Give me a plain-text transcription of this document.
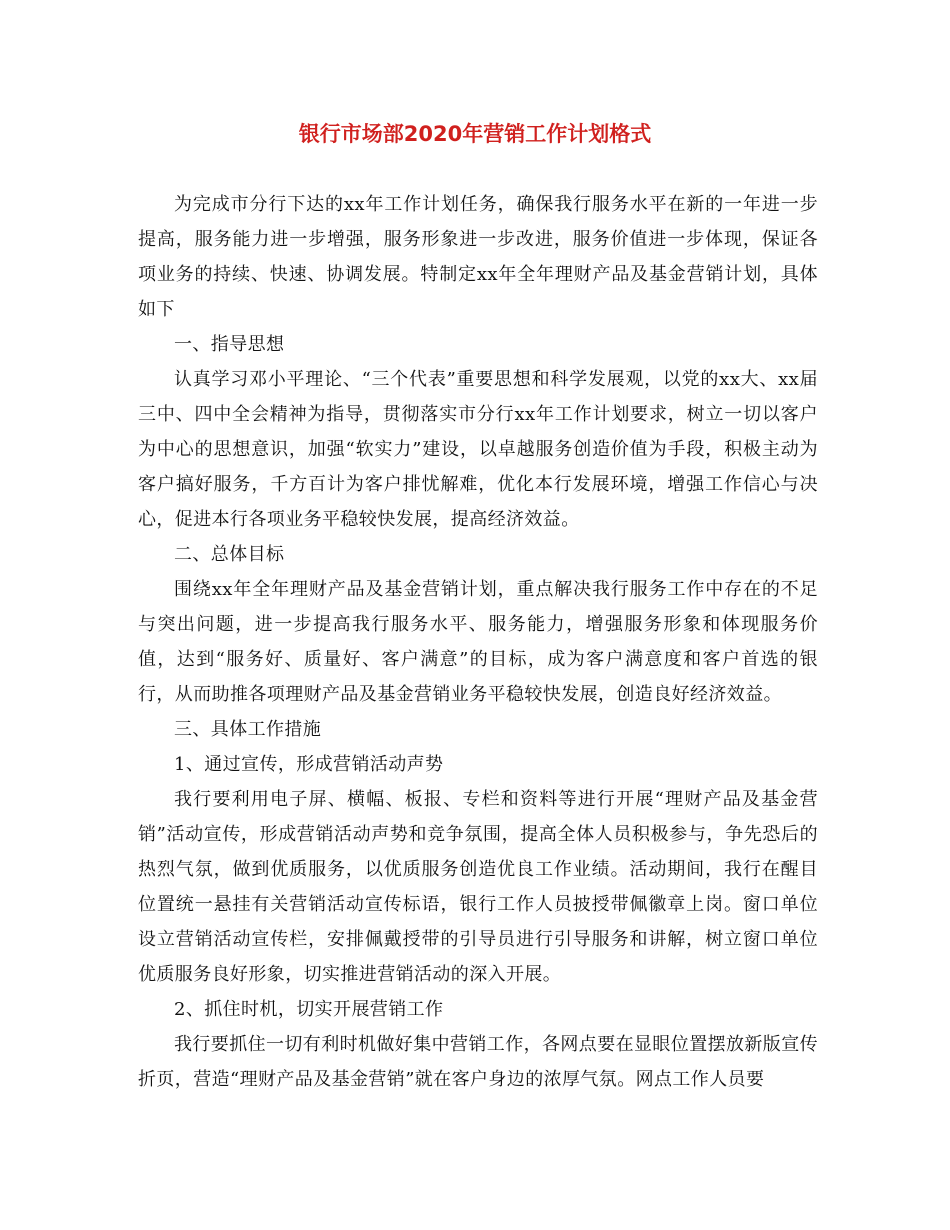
银行市场部2020年营销工作计划格式

为完成市分行下达的xx年工作计划任务，确保我行服务水平在新的一年进一步提高，服务能力进一步增强，服务形象进一步改进，服务价值进一步体现，保证各项业务的持续、快速、协调发展。特制定xx年全年理财产品及基金营销计划，具体如下

一、指导思想

认真学习邓小平理论、“三个代表”重要思想和科学发展观，以党的xx大、xx届三中、四中全会精神为指导，贯彻落实市分行xx年工作计划要求，树立一切以客户为中心的思想意识，加强“软实力”建设，以卓越服务创造价值为手段，积极主动为客户搞好服务，千方百计为客户排忧解难，优化本行发展环境，增强工作信心与决心，促进本行各项业务平稳较快发展，提高经济效益。

二、总体目标

围绕xx年全年理财产品及基金营销计划，重点解决我行服务工作中存在的不足与突出问题，进一步提高我行服务水平、服务能力，增强服务形象和体现服务价值，达到“服务好、质量好、客户满意”的目标，成为客户满意度和客户首选的银行，从而助推各项理财产品及基金营销业务平稳较快发展，创造良好经济效益。

三、具体工作措施

1、通过宣传，形成营销活动声势

我行要利用电子屏、横幅、板报、专栏和资料等进行开展“理财产品及基金营销”活动宣传，形成营销活动声势和竞争氛围，提高全体人员积极参与，争先恐后的热烈气氛，做到优质服务，以优质服务创造优良工作业绩。活动期间，我行在醒目位置统一悬挂有关营销活动宣传标语，银行工作人员披授带佩徽章上岗。窗口单位设立营销活动宣传栏，安排佩戴授带的引导员进行引导服务和讲解，树立窗口单位优质服务良好形象，切实推进营销活动的深入开展。

2、抓住时机，切实开展营销工作

我行要抓住一切有利时机做好集中营销工作，各网点要在显眼位置摆放新版宣传折页，营造“理财产品及基金营销”就在客户身边的浓厚气氛。网点工作人员要
